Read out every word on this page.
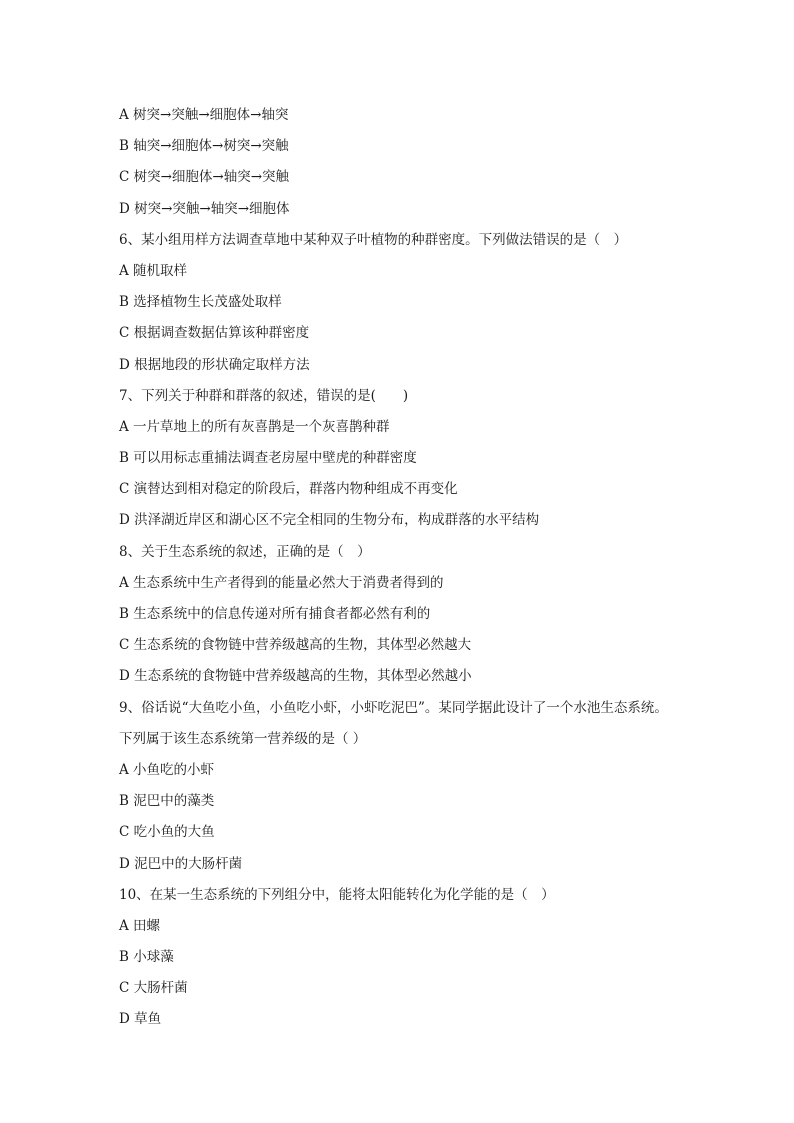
A 树突→突触→细胞体→轴突
B 轴突→细胞体→树突→突触
C 树突→细胞体→轴突→突触
D 树突→突触→轴突→细胞体
6、某小组用样方法调查草地中某种双子叶植物的种群密度。下列做法错误的是（　）
A 随机取样
B 选择植物生长茂盛处取样
C 根据调查数据估算该种群密度
D 根据地段的形状确定取样方法
7、下列关于种群和群落的叙述，错误的是(　　)
A 一片草地上的所有灰喜鹊是一个灰喜鹊种群
B 可以用标志重捕法调查老房屋中壁虎的种群密度
C 演替达到相对稳定的阶段后，群落内物种组成不再变化
D 洪泽湖近岸区和湖心区不完全相同的生物分布，构成群落的水平结构
8、关于生态系统的叙述，正确的是（　）
A 生态系统中生产者得到的能量必然大于消费者得到的
B 生态系统中的信息传递对所有捕食者都必然有利的
C 生态系统的食物链中营养级越高的生物，其体型必然越大
D 生态系统的食物链中营养级越高的生物，其体型必然越小
9、俗话说“大鱼吃小鱼，小鱼吃小虾，小虾吃泥巴”。某同学据此设计了一个水池生态系统。
下列属于该生态系统第一营养级的是（ ）
A 小鱼吃的小虾
B 泥巴中的藻类
C 吃小鱼的大鱼
D 泥巴中的大肠杆菌
10、在某一生态系统的下列组分中，能将太阳能转化为化学能的是（　）
A 田螺
B 小球藻
C 大肠杆菌
D 草鱼
